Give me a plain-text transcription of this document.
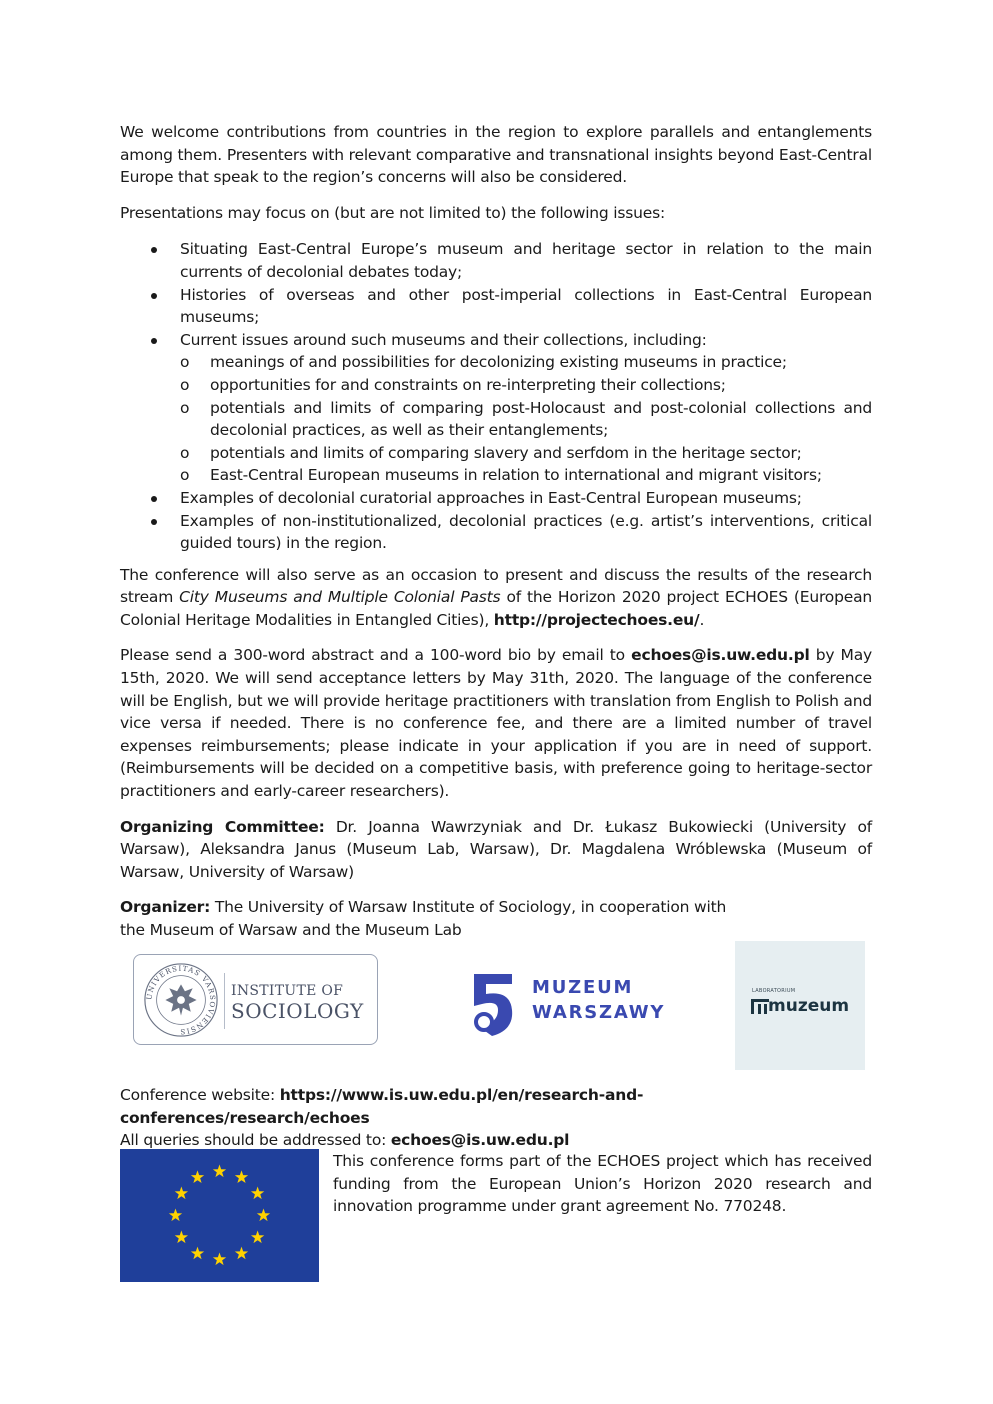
We welcome contributions from countries in the region to explore parallels and entanglements among them. Presenters with relevant comparative and transnational insights beyond East-Central Europe that speak to the region’s concerns will also be considered.

Presentations may focus on (but are not limited to) the following issues:

Situating East-Central Europe’s museum and heritage sector in relation to the main currents of decolonial debates today;
Histories of overseas and other post-imperial collections in East-Central European museums;
Current issues around such museums and their collections, including:
o meanings of and possibilities for decolonizing existing museums in practice;
o opportunities for and constraints on re-interpreting their collections;
o potentials and limits of comparing post-Holocaust and post-colonial collections and decolonial practices, as well as their entanglements;
o potentials and limits of comparing slavery and serfdom in the heritage sector;
o East-Central European museums in relation to international and migrant visitors;
Examples of decolonial curatorial approaches in East-Central European museums;
Examples of non-institutionalized, decolonial practices (e.g. artist’s interventions, critical guided tours) in the region.

The conference will also serve as an occasion to present and discuss the results of the research stream City Museums and Multiple Colonial Pasts of the Horizon 2020 project ECHOES (European Colonial Heritage Modalities in Entangled Cities), http://projectechoes.eu/.

Please send a 300-word abstract and a 100-word bio by email to echoes@is.uw.edu.pl by May 15th, 2020. We will send acceptance letters by May 31th, 2020. The language of the conference will be English, but we will provide heritage practitioners with translation from English to Polish and vice versa if needed. There is no conference fee, and there are a limited number of travel expenses reimbursements; please indicate in your application if you are in need of support. (Reimbursements will be decided on a competitive basis, with preference going to heritage-sector practitioners and early-career researchers).

Organizing Committee: Dr. Joanna Wawrzyniak and Dr. Łukasz Bukowiecki (University of Warsaw), Aleksandra Janus (Museum Lab, Warsaw), Dr. Magdalena Wróblewska (Museum of Warsaw, University of Warsaw)

Organizer: The University of Warsaw Institute of Sociology, in cooperation with
the Museum of Warsaw and the Museum Lab

UNIVERSITAS VARSOVIENSIS
INSTITUTE OF
SOCIOLOGY
MUZEUM
WARSZAWY
LABORATORIUM
muzeum
Conference website: https://www.is.uw.edu.pl/en/research-and-conferences/research/echoes
All queries should be addressed to: echoes@is.uw.edu.pl
This conference forms part of the ECHOES project which has received funding from the European Union’s Horizon 2020 research and innovation programme under grant agreement No. 770248.
